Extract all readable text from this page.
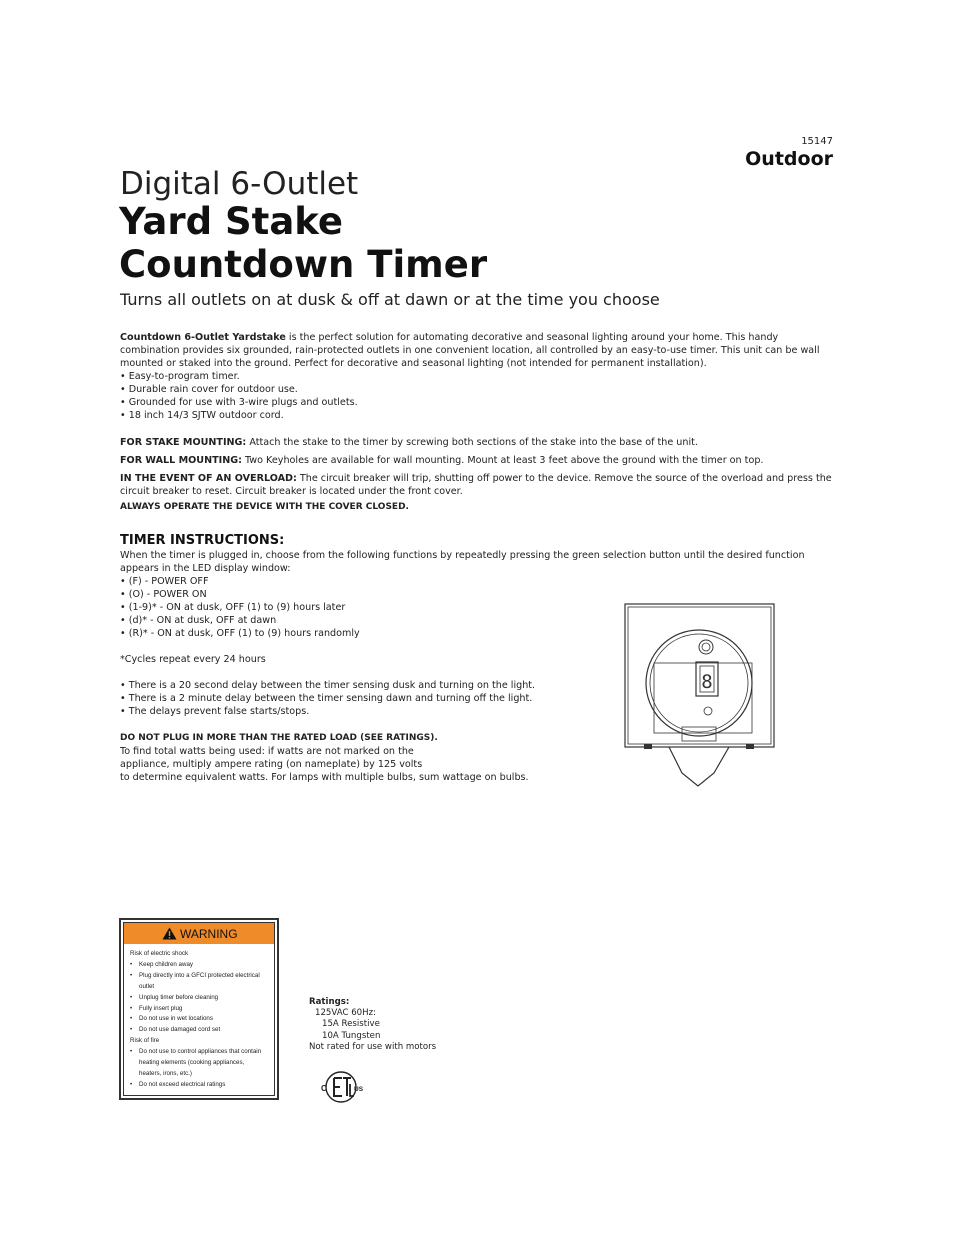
15147
Outdoor
Digital 6-Outlet
Yard Stake
Countdown Timer
Turns all outlets on at dusk & off at dawn or at the time you choose
Countdown 6-Outlet Yardstake is the perfect solution for automating decorative and seasonal lighting around your home. This handy combination provides six grounded, rain-protected outlets in one convenient location, all controlled by an easy-to-use timer. This unit can be wall mounted or staked into the ground. Perfect for decorative and seasonal lighting (not intended for permanent installation).
• Easy-to-program timer.
• Durable rain cover for outdoor use.
• Grounded for use with 3-wire plugs and outlets.
• 18 inch 14/3 SJTW outdoor cord.
FOR STAKE MOUNTING: Attach the stake to the timer by screwing both sections of the stake into the base of the unit.
FOR WALL MOUNTING: Two Keyholes are available for wall mounting. Mount at least 3 feet above the ground with the timer on top.
IN THE EVENT OF AN OVERLOAD: The circuit breaker will trip, shutting off power to the device. Remove the source of the overload and press the circuit breaker to reset. Circuit breaker is located under the front cover.
ALWAYS OPERATE THE DEVICE WITH THE COVER CLOSED.
TIMER INSTRUCTIONS:
When the timer is plugged in, choose from the following functions by repeatedly pressing the green selection button until the desired function appears in the LED display window:
• (F) - POWER OFF
• (O) - POWER ON
• (1-9)* - ON at dusk, OFF (1) to (9) hours later
• (d)* - ON at dusk, OFF at dawn
• (R)* - ON at dusk, OFF (1) to (9) hours randomly
*Cycles repeat every 24 hours
• There is a 20 second delay between the timer sensing dusk and turning on the light.
• There is a 2 minute delay between the timer sensing dawn and turning off the light.
• The delays prevent false starts/stops.
DO NOT PLUG IN MORE THAN THE RATED LOAD (SEE RATINGS).
To find total watts being used: if watts are not marked on the
appliance, multiply ampere rating (on nameplate) by 125 volts
to determine equivalent watts. For lamps with multiple bulbs, sum wattage on bulbs.
8
WARNING
Risk of electric shock
• Keep children away
• Plug directly into a GFCI protected electrical outlet
• Unplug timer before cleaning
• Fully insert plug
• Do not use in wet locations
• Do not use damaged cord set
Risk of fire
• Do not use to control appliances that contain heating elements (cooking appliances, heaters, irons, etc.)
• Do not exceed electrical ratings
Ratings:
125VAC 60Hz:
15A Resistive
10A Tungsten
Not rated for use with motors
C	US
